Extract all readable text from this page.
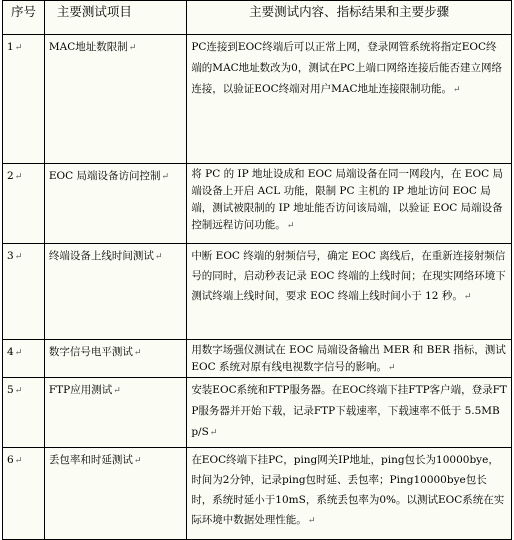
序号	主要测试项目	主要测试内容、指标结果和主要步骤
1↵	MAC地址数限制↵	PC连接到EOC终端后可以正常上网，登录网管系统将指定EOC终端的MAC地址数改为0，测试在PC上端口网络连接后能否建立网络连接，以验证EOC终端对用户MAC地址连接限制功能。↵
2↵	EOC 局端设备访问控制↵	将 PC 的 IP 地址设成和 EOC 局端设备在同一网段内，在 EOC 局端设备上开启 ACL 功能，限制 PC 主机的 IP 地址访问 EOC 局端，测试被限制的 IP 地址能否访问该局端，以验证 EOC 局端设备控制远程访问功能。↵
3↵	终端设备上线时间测试↵	中断 EOC 终端的射频信号，确定 EOC 离线后，在重新连接射频信号的同时，启动秒表记录 EOC 终端的上线时间；在现实网络环境下测试终端上线时间，要求 EOC 终端上线时间小于 12 秒。↵
4↵	数字信号电平测试↵	用数字场强仪测试在 EOC 局端设备输出 MER 和 BER 指标，测试 EOC 系统对原有线电视数字信号的影响。↵
5↵	FTP应用测试↵	安装EOC系统和FTP服务器。在EOC终端下挂FTP客户端，登录FTP服务器并开始下载，记录FTP下载速率，下载速率不低于 5.5MBp/S↵
6↵	丢包率和时延测试↵	在EOC终端下挂PC，ping网关IP地址，ping包长为10000bye，时间为2分钟，记录ping包时延、丢包率；Ping10000bye包长时，系统时延小于10mS，系统丢包率为0%。以测试EOC系统在实际环境中数据处理性能。↵
